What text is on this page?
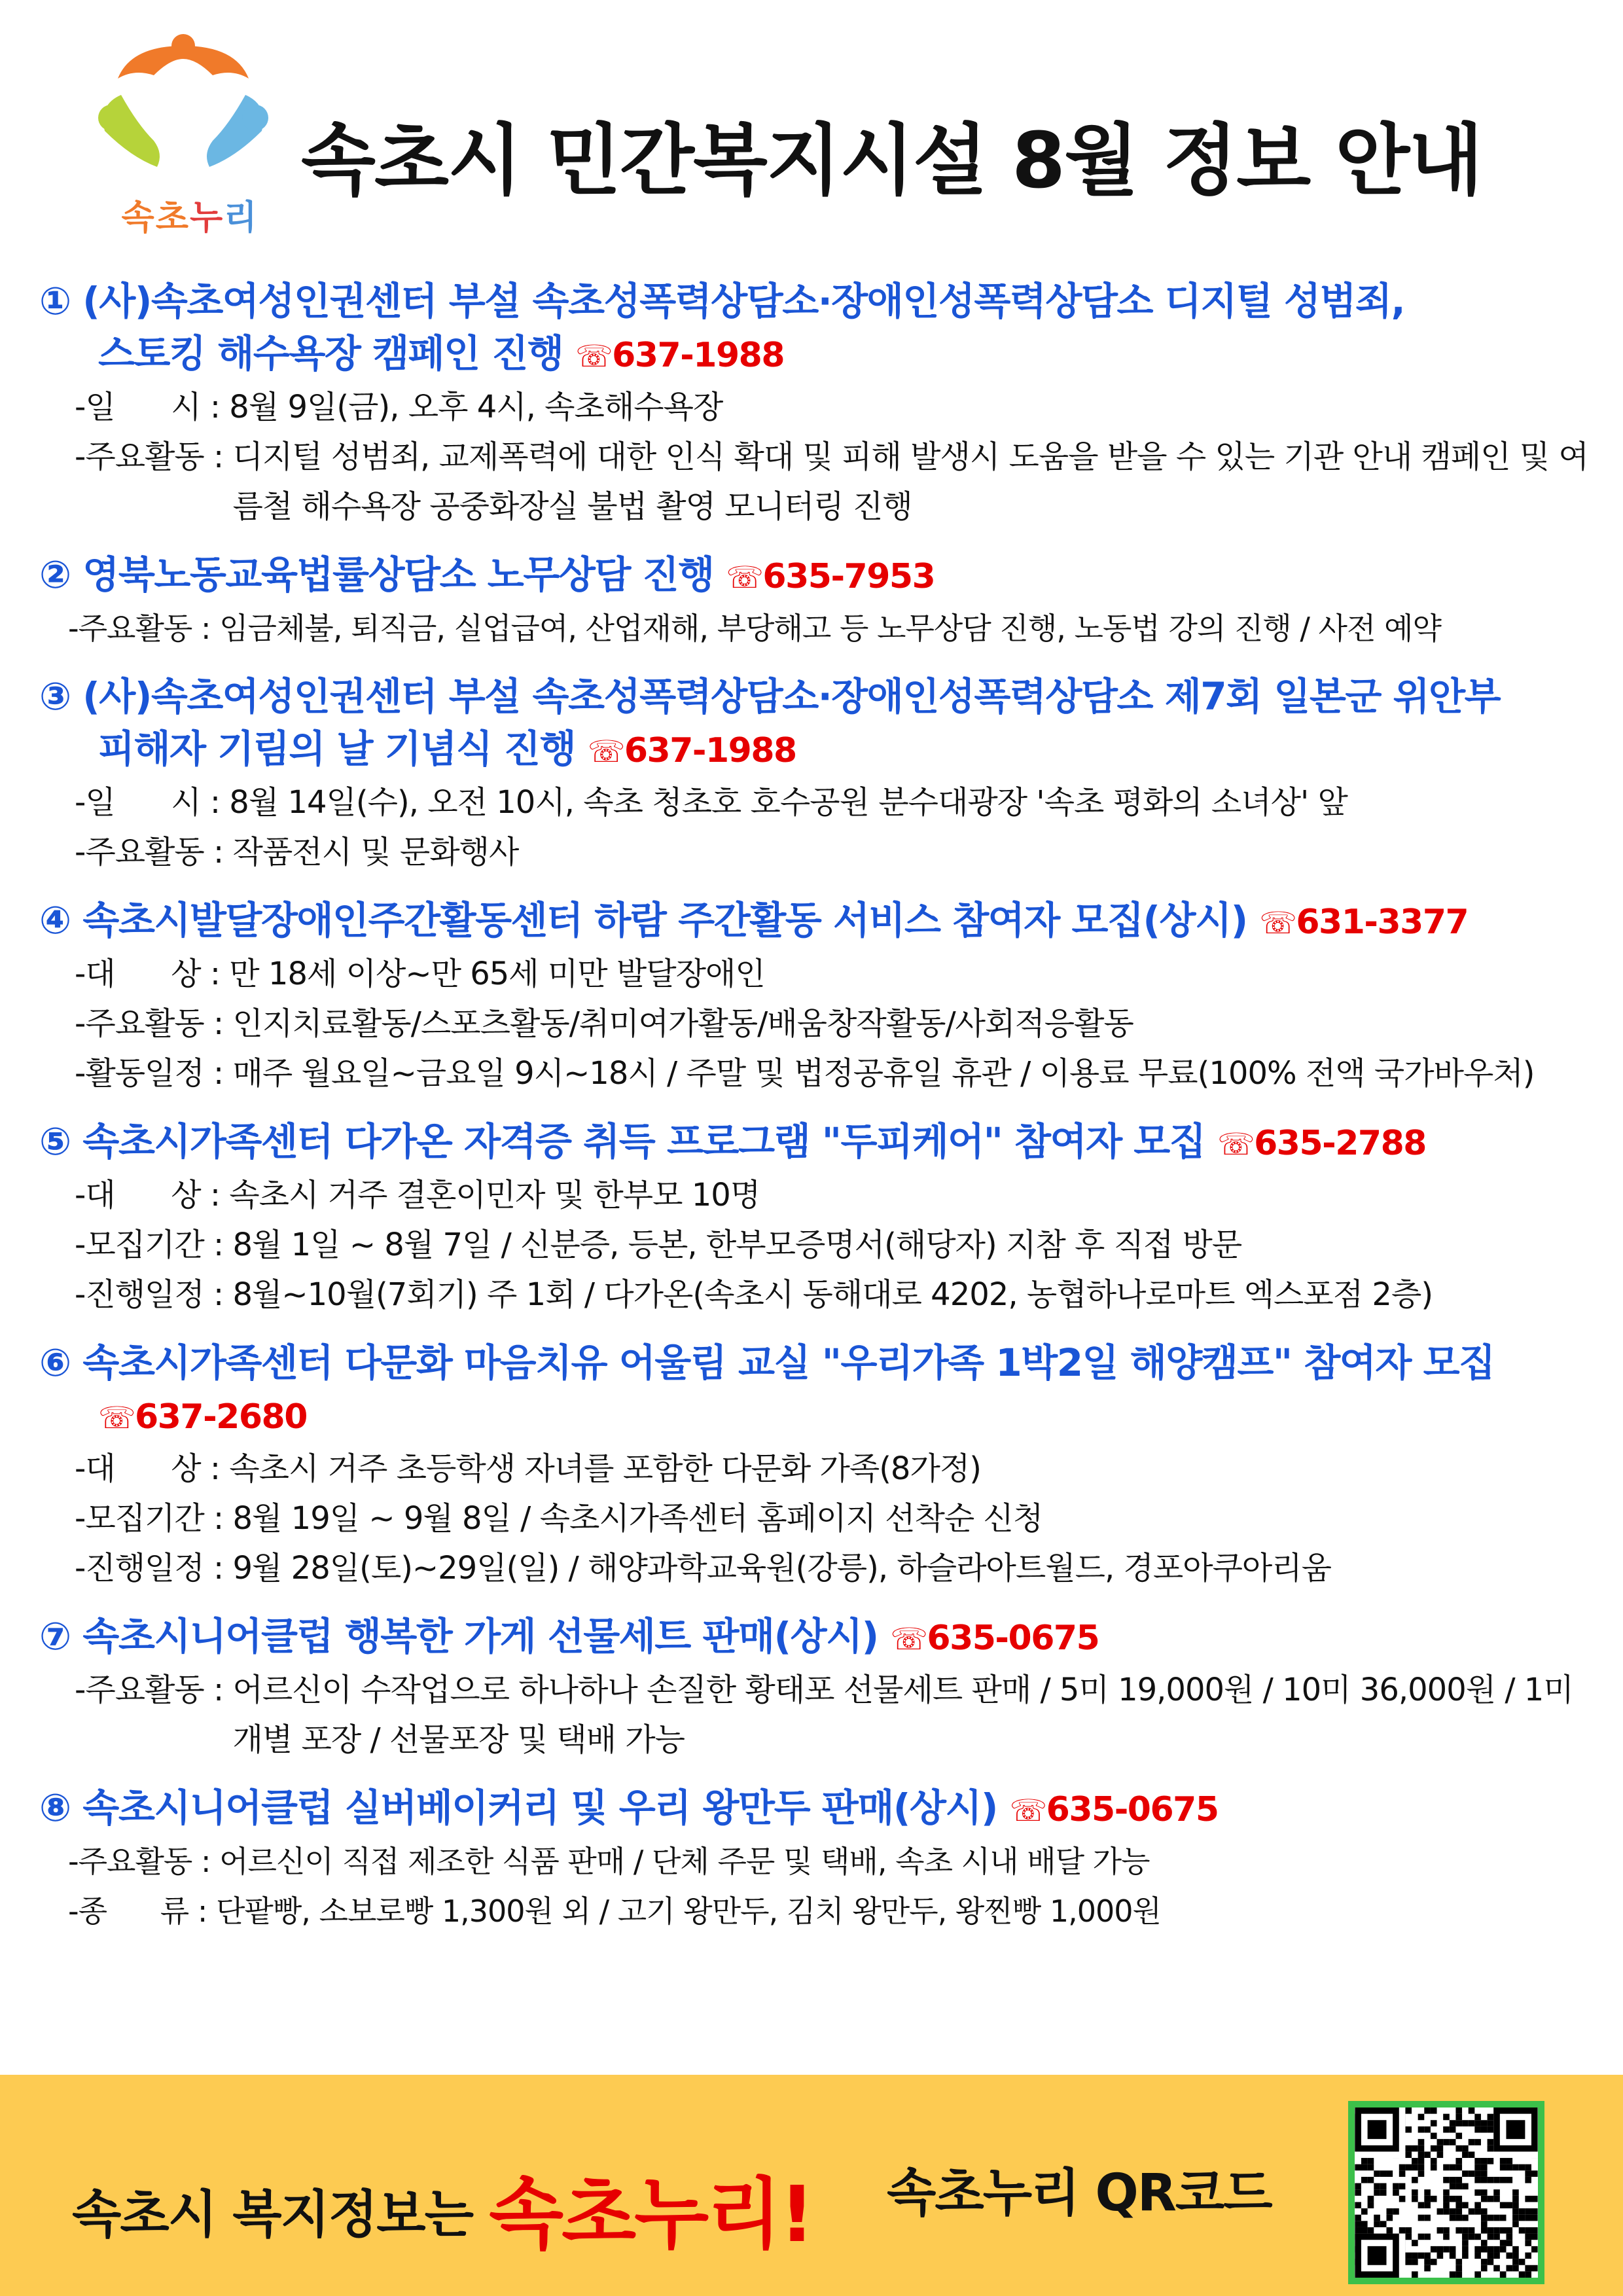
속초누리
속초시 민간복지시설 8월 정보 안내
① (사)속초여성인권센터 부설 속초성폭력상담소·장애인성폭력상담소 디지털 성범죄,
스토킹 해수욕장 캠페인 진행 ☏637-1988
-일      시 : 8월 9일(금), 오후 4시, 속초해수욕장
-주요활동 : 디지털 성범죄, 교제폭력에 대한 인식 확대 및 피해 발생시 도움을 받을 수 있는 기관 안내 캠페인 및 여름철 해수욕장 공중화장실 불법 촬영 모니터링 진행
② 영북노동교육법률상담소 노무상담 진행 ☏635-7953
-주요활동 : 임금체불, 퇴직금, 실업급여, 산업재해, 부당해고 등 노무상담 진행, 노동법 강의 진행 / 사전 예약
③ (사)속초여성인권센터 부설 속초성폭력상담소·장애인성폭력상담소 제7회 일본군 위안부
피해자 기림의 날 기념식 진행 ☏637-1988
-일      시 : 8월 14일(수), 오전 10시, 속초 청초호 호수공원 분수대광장 '속초 평화의 소녀상' 앞
-주요활동 : 작품전시 및 문화행사
④ 속초시발달장애인주간활동센터 하람 주간활동 서비스 참여자 모집(상시) ☏631-3377
-대      상 : 만 18세 이상~만 65세 미만 발달장애인
-주요활동 : 인지치료활동/스포츠활동/취미여가활동/배움창작활동/사회적응활동
-활동일정 : 매주 월요일~금요일 9시~18시 / 주말 및 법정공휴일 휴관 / 이용료 무료(100% 전액 국가바우처)
⑤ 속초시가족센터 다가온 자격증 취득 프로그램 "두피케어" 참여자 모집 ☏635-2788
-대      상 : 속초시 거주 결혼이민자 및 한부모 10명
-모집기간 : 8월 1일 ~ 8월 7일 / 신분증, 등본, 한부모증명서(해당자) 지참 후 직접 방문
-진행일정 : 8월~10월(7회기) 주 1회 / 다가온(속초시 동해대로 4202, 농협하나로마트 엑스포점 2층)
⑥ 속초시가족센터 다문화 마음치유 어울림 교실 "우리가족 1박2일 해양캠프" 참여자 모집
☏637-2680
-대      상 : 속초시 거주 초등학생 자녀를 포함한 다문화 가족(8가정)
-모집기간 : 8월 19일 ~ 9월 8일 / 속초시가족센터 홈페이지 선착순 신청
-진행일정 : 9월 28일(토)~29일(일) / 해양과학교육원(강릉), 하슬라아트월드, 경포아쿠아리움
⑦ 속초시니어클럽 행복한 가게 선물세트 판매(상시) ☏635-0675
-주요활동 : 어르신이 수작업으로 하나하나 손질한 황태포 선물세트 판매 / 5미 19,000원 / 10미 36,000원 / 1미 개별 포장 / 선물포장 및 택배 가능
⑧ 속초시니어클럽 실버베이커리 및 우리 왕만두 판매(상시) ☏635-0675
-주요활동 : 어르신이 직접 제조한 식품 판매 / 단체 주문 및 택배, 속초 시내 배달 가능
-종      류 : 단팥빵, 소보로빵 1,300원 외 / 고기 왕만두, 김치 왕만두, 왕찐빵 1,000원
속초시 복지정보는 속초누리! 속초누리 QR코드
